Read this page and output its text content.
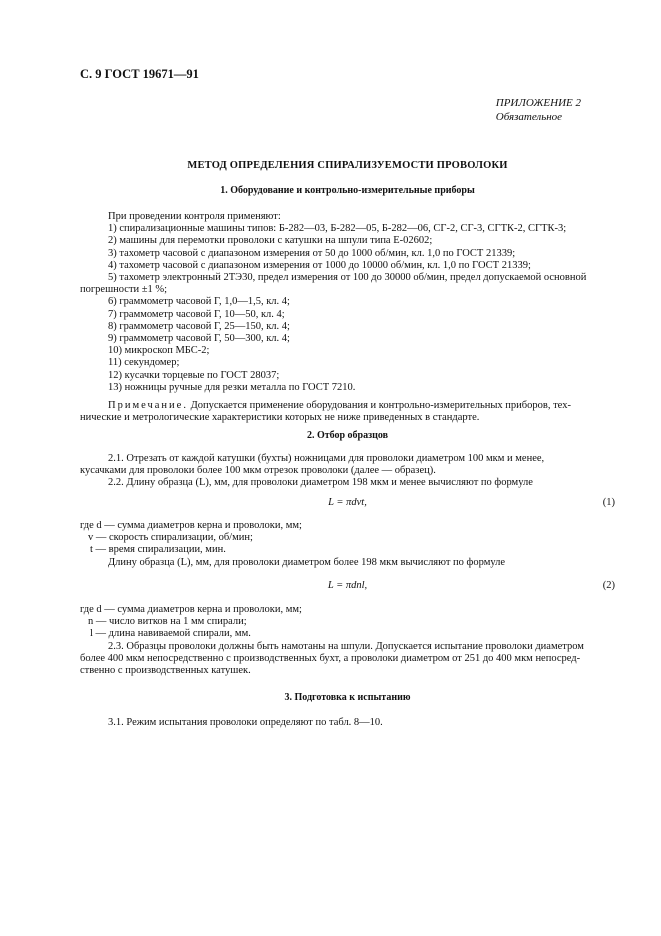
С. 9 ГОСТ 19671—91
ПРИЛОЖЕНИЕ 2
Обязательное
МЕТОД ОПРЕДЕЛЕНИЯ СПИРАЛИЗУЕМОСТИ ПРОВОЛОКИ
1. Оборудование и контрольно-измерительные приборы
При проведении контроля применяют:
1) спирализационные машины типов: Б-282—03, Б-282—05, Б-282—06, СГ-2, СГ-3, СГТК-2, СГТК-3;
2) машины для перемотки проволоки с катушки на шпули типа Е-02602;
3) тахометр часовой с диапазоном измерения от 50 до 1000 об/мин, кл. 1,0 по ГОСТ 21339;
4) тахометр часовой с диапазоном измерения от 1000 до 10000 об/мин, кл. 1,0 по ГОСТ 21339;
5) тахометр электронный 2ТЭ30, предел измерения от 100 до 30000 об/мин, предел допускаемой основной
погрешности ±1 %;
6) граммометр часовой Г, 1,0—1,5, кл. 4;
7) граммометр часовой Г, 10—50, кл. 4;
8) граммометр часовой Г, 25—150, кл. 4;
9) граммометр часовой Г, 50—300, кл. 4;
10) микроскоп МБС-2;
11) секундомер;
12) кусачки торцевые по ГОСТ 28037;
13) ножницы ручные для резки металла по ГОСТ 7210.
Примечание. Допускается применение оборудования и контрольно-измерительных приборов, тех-
нические и метрологические характеристики которых не ниже приведенных в стандарте.
2. Отбор образцов
2.1. Отрезать от каждой катушки (бухты) ножницами для проволоки диаметром 100 мкм и менее,
кусачками для проволоки более 100 мкм отрезок проволоки (далее — образец).
2.2. Длину образца (L), мм, для проволоки диаметром 198 мкм и менее вычисляют по формуле
L = πdvt,	(1)
где d — сумма диаметров керна и проволоки, мм;
v — скорость спирализации, об/мин;
t — время спирализации, мин.
Длину образца (L), мм, для проволоки диаметром более 198 мкм вычисляют по формуле
L = πdnl,	(2)
где d — сумма диаметров керна и проволоки, мм;
n — число витков на 1 мм спирали;
l — длина навиваемой спирали, мм.
2.3. Образцы проволоки должны быть намотаны на шпули. Допускается испытание проволоки диаметром
более 400 мкм непосредственно с производственных бухт, а проволоки диаметром от 251 до 400 мкм непосред-
ственно с производственных катушек.
3. Подготовка к испытанию
3.1. Режим испытания проволоки определяют по табл. 8—10.
